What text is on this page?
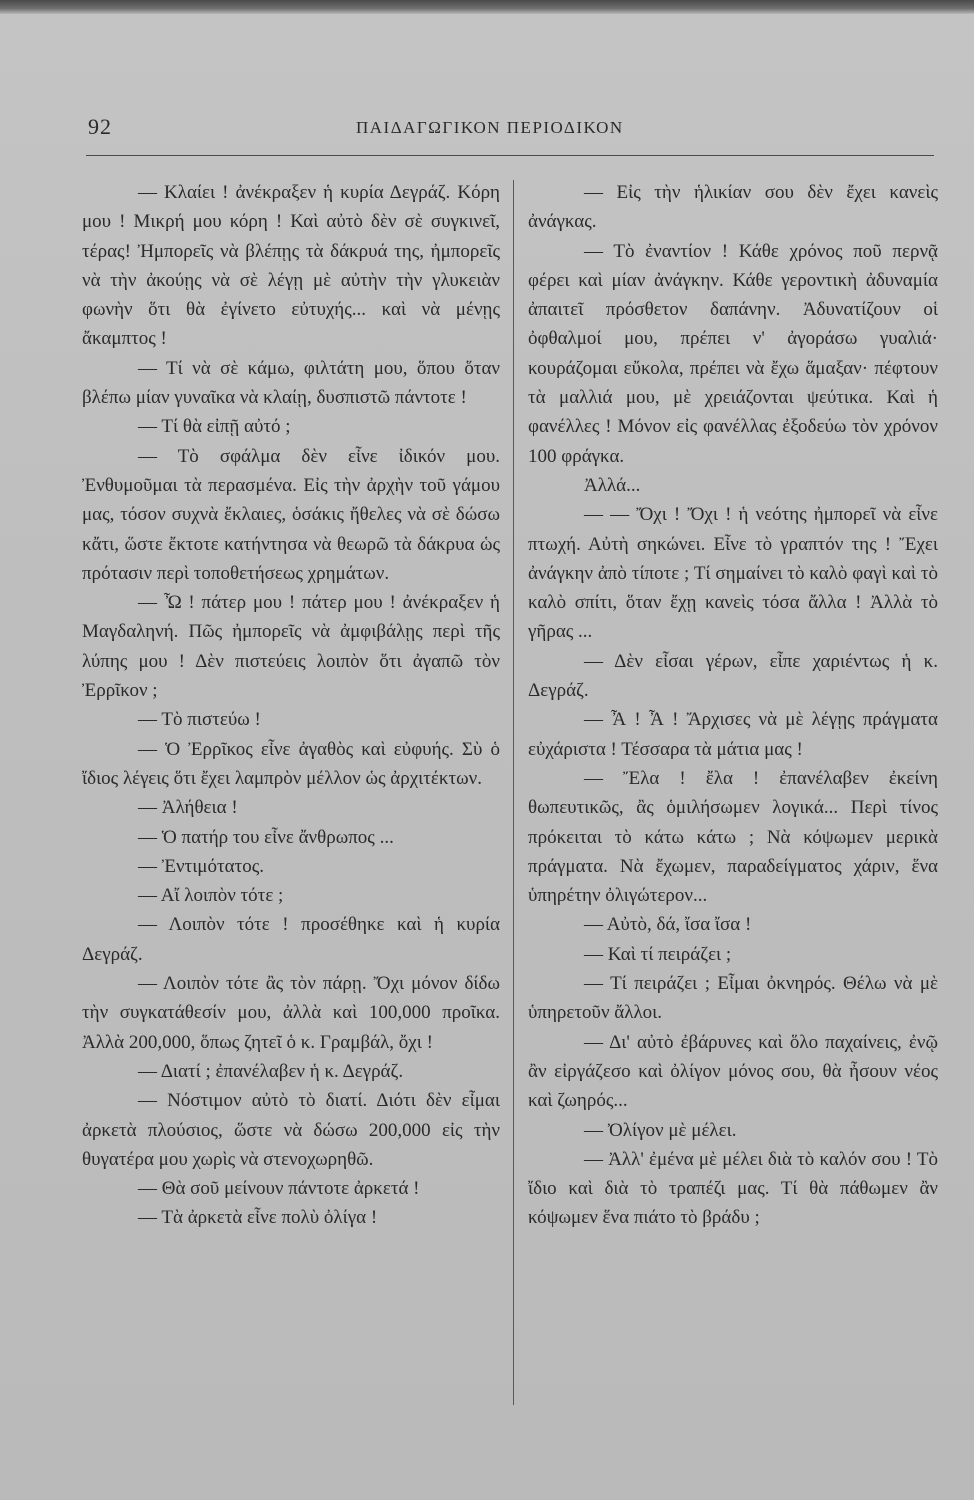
92	ΠΑΙΔΑΓΩΓΙΚΟΝ ΠΕΡΙΟΔΙΚΟΝ

— Κλαίει ! ἀνέκραξεν ἡ κυρία Δεγράζ. Κόρη μου ! Μικρή μου κόρη ! Καὶ αὐτὸ δὲν σὲ συγκινεῖ, τέρας! Ἠμπορεῖς νὰ βλέπῃς τὰ δάκρυά της, ἠμπορεῖς νὰ τὴν ἀκούῃς νὰ σὲ λέγῃ μὲ αὐτὴν τὴν γλυκειὰν φωνὴν ὅτι θὰ ἐγίνετο εὐτυχής... καὶ νὰ μένῃς ἄκαμπτος !

— Τί νὰ σὲ κάμω, φιλτάτη μου, ὅπου ὅταν βλέπω μίαν γυναῖκα νὰ κλαίῃ, δυσπιστῶ πάντοτε !

— Τί θὰ εἰπῇ αὐτό ;

— Τὸ σφάλμα δὲν εἶνε ἰδικόν μου. Ἐνθυμοῦμαι τὰ περασμένα. Εἰς τὴν ἀρχὴν τοῦ γάμου μας, τόσον συχνὰ ἔκλαιες, ὁσάκις ἤθελες νὰ σὲ δώσω κἄτι, ὥστε ἔκτοτε κατήντησα νὰ θεωρῶ τὰ δάκρυα ὡς πρότασιν περὶ τοποθετήσεως χρημάτων.

— Ὦ ! πάτερ μου ! πάτερ μου ! ἀνέκραξεν ἡ Μαγδαληνή. Πῶς ἠμπορεῖς νὰ ἀμφιβάλῃς περὶ τῆς λύπης μου ! Δὲν πιστεύεις λοιπὸν ὅτι ἀγαπῶ τὸν Ἐρρῖκον ;

— Τὸ πιστεύω !

— Ὁ Ἐρρῖκος εἶνε ἀγαθὸς καὶ εὐφυής. Σὺ ὁ ἴδιος λέγεις ὅτι ἔχει λαμπρὸν μέλλον ὡς ἀρχιτέκτων.

— Ἀλήθεια !

— Ὁ πατήρ του εἶνε ἄνθρωπος ...

— Ἐντιμότατος.

— Αἴ λοιπὸν τότε ;

— Λοιπὸν τότε ! προσέθηκε καὶ ἡ κυρία Δεγράζ.

— Λοιπὸν τότε ἂς τὸν πάρῃ. Ὄχι μόνον δίδω τὴν συγκατάθεσίν μου, ἀλλὰ καὶ 100,000 προῖκα. Ἀλλὰ 200,000, ὅπως ζητεῖ ὁ κ. Γραμβάλ, ὄχι !

— Διατί ; ἐπανέλαβεν ἡ κ. Δεγράζ.

— Νόστιμον αὐτὸ τὸ διατί. Διότι δὲν εἶμαι ἀρκετὰ πλούσιος, ὥστε νὰ δώσω 200,000 εἰς τὴν θυγατέρα μου χωρὶς νὰ στενοχωρηθῶ.

— Θὰ σοῦ μείνουν πάντοτε ἀρκετά !

— Τὰ ἀρκετὰ εἶνε πολὺ ὀλίγα !

— Εἰς τὴν ἡλικίαν σου δὲν ἔχει κανεὶς ἀνάγκας.

— Τὸ ἐναντίον ! Κάθε χρόνος ποῦ περνᾷ φέρει καὶ μίαν ἀνάγκην. Κάθε γεροντικὴ ἀδυναμία ἀπαιτεῖ πρόσθετον δαπάνην. Ἀδυνατίζουν οἱ ὀφθαλμοί μου, πρέπει ν' ἀγοράσω γυαλιά· κουράζομαι εὔκολα, πρέπει νὰ ἔχω ἅμαξαν· πέφτουν τὰ μαλλιά μου, μὲ χρειάζονται ψεύτικα. Καὶ ἡ φανέλλες ! Μόνον εἰς φανέλλας ἐξοδεύω τὸν χρόνον 100 φράγκα.

Ἀλλά...

— — Ὄχι ! Ὄχι ! ἡ νεότης ἠμπορεῖ νὰ εἶνε πτωχή. Αὐτὴ σηκώνει. Εἶνε τὸ γραπτόν της ! Ἔχει ἀνάγκην ἀπὸ τίποτε ; Τί σημαίνει τὸ καλὸ φαγὶ καὶ τὸ καλὸ σπίτι, ὅταν ἔχῃ κανεὶς τόσα ἄλλα ! Ἀλλὰ τὸ γῆρας ...

— Δὲν εἶσαι γέρων, εἶπε χαριέντως ἡ κ. Δεγράζ.

— Ἆ ! Ἆ ! Ἄρχισες νὰ μὲ λέγῃς πράγματα εὐχάριστα ! Τέσσαρα τὰ μάτια μας !

— Ἔλα ! ἔλα ! ἐπανέλαβεν ἐκείνη θωπευτικῶς, ἂς ὁμιλήσωμεν λογικά... Περὶ τίνος πρόκειται τὸ κάτω κάτω ; Νὰ κόψωμεν μερικὰ πράγματα. Νὰ ἔχωμεν, παραδείγματος χάριν, ἕνα ὑπηρέτην ὀλιγώτερον...

— Αὐτὸ, δά, ἴσα ἴσα !

— Καὶ τί πειράζει ;

— Τί πειράζει ; Εἶμαι ὀκνηρός. Θέλω νὰ μὲ ὑπηρετοῦν ἄλλοι.

— Δι' αὐτὸ ἐβάρυνες καὶ ὅλο παχαίνεις, ἐνῷ ἂν εἰργάζεσο καὶ ὀλίγον μόνος σου, θὰ ἦσουν νέος καὶ ζωηρός...

— Ὀλίγον μὲ μέλει.

— Ἀλλ' ἐμένα μὲ μέλει διὰ τὸ καλόν σου ! Τὸ ἴδιο καὶ διὰ τὸ τραπέζι μας. Τί θὰ πάθωμεν ἂν κόψωμεν ἕνα πιάτο τὸ βράδυ ;
